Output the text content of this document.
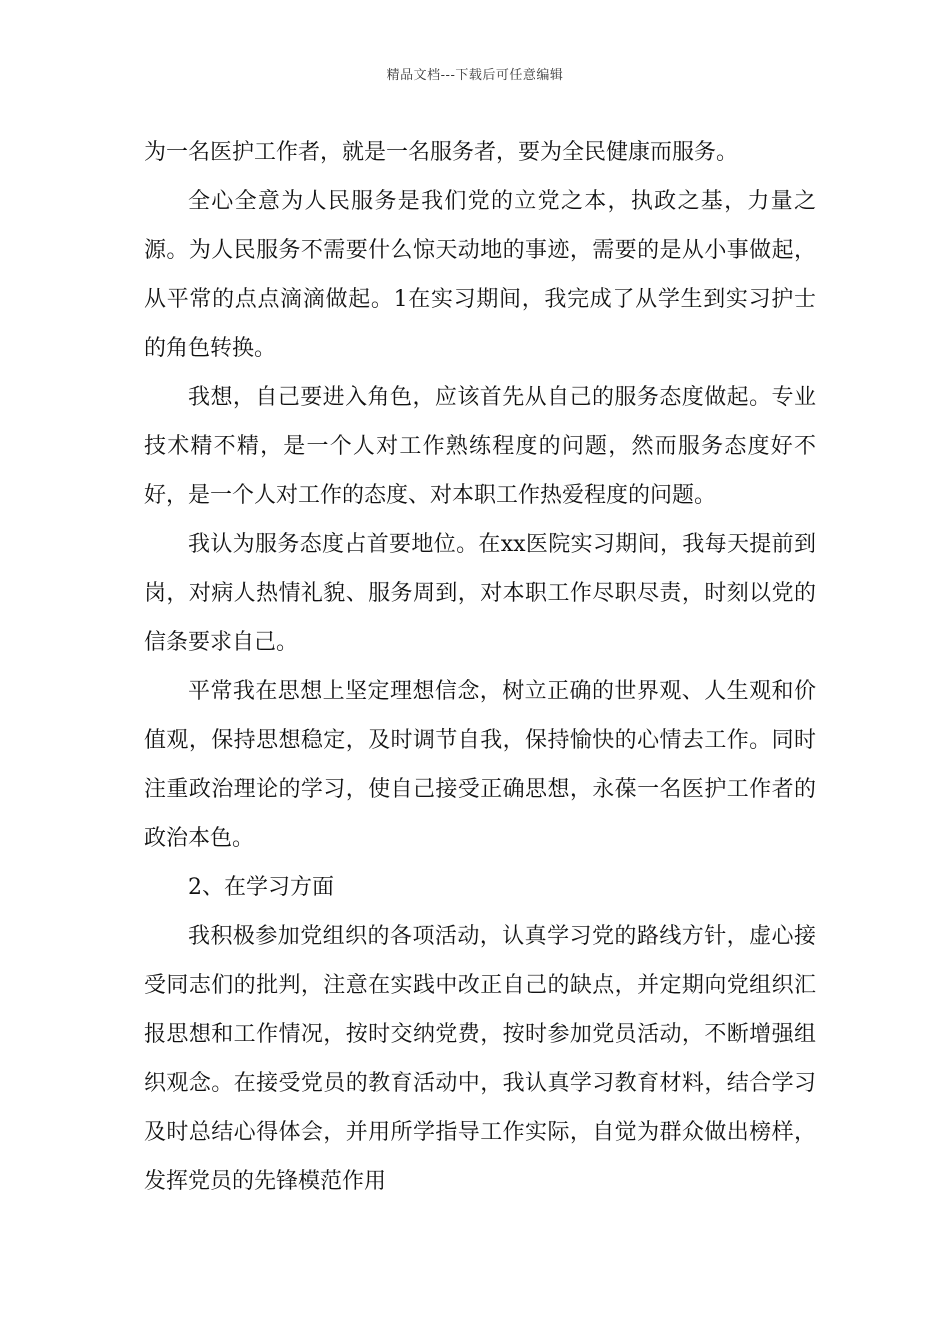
精品文档---下载后可任意编辑

为一名医护工作者，就是一名服务者，要为全民健康而服务。

全心全意为人民服务是我们党的立党之本，执政之基，力量之源。为人民服务不需要什么惊天动地的事迹，需要的是从小事做起，从平常的点点滴滴做起。1在实习期间，我完成了从学生到实习护士的角色转换。

我想，自己要进入角色，应该首先从自己的服务态度做起。专业技术精不精，是一个人对工作熟练程度的问题，然而服务态度好不好，是一个人对工作的态度、对本职工作热爱程度的问题。

我认为服务态度占首要地位。在xx医院实习期间，我每天提前到岗，对病人热情礼貌、服务周到，对本职工作尽职尽责，时刻以党的信条要求自己。

平常我在思想上坚定理想信念，树立正确的世界观、人生观和价值观，保持思想稳定，及时调节自我，保持愉快的心情去工作。同时注重政治理论的学习，使自己接受正确思想，永葆一名医护工作者的政治本色。

2、在学习方面

我积极参加党组织的各项活动，认真学习党的路线方针，虚心接受同志们的批判，注意在实践中改正自己的缺点，并定期向党组织汇报思想和工作情况，按时交纳党费，按时参加党员活动，不断增强组织观念。在接受党员的教育活动中，我认真学习教育材料，结合学习及时总结心得体会，并用所学指导工作实际，自觉为群众做出榜样，发挥党员的先锋模范作用
